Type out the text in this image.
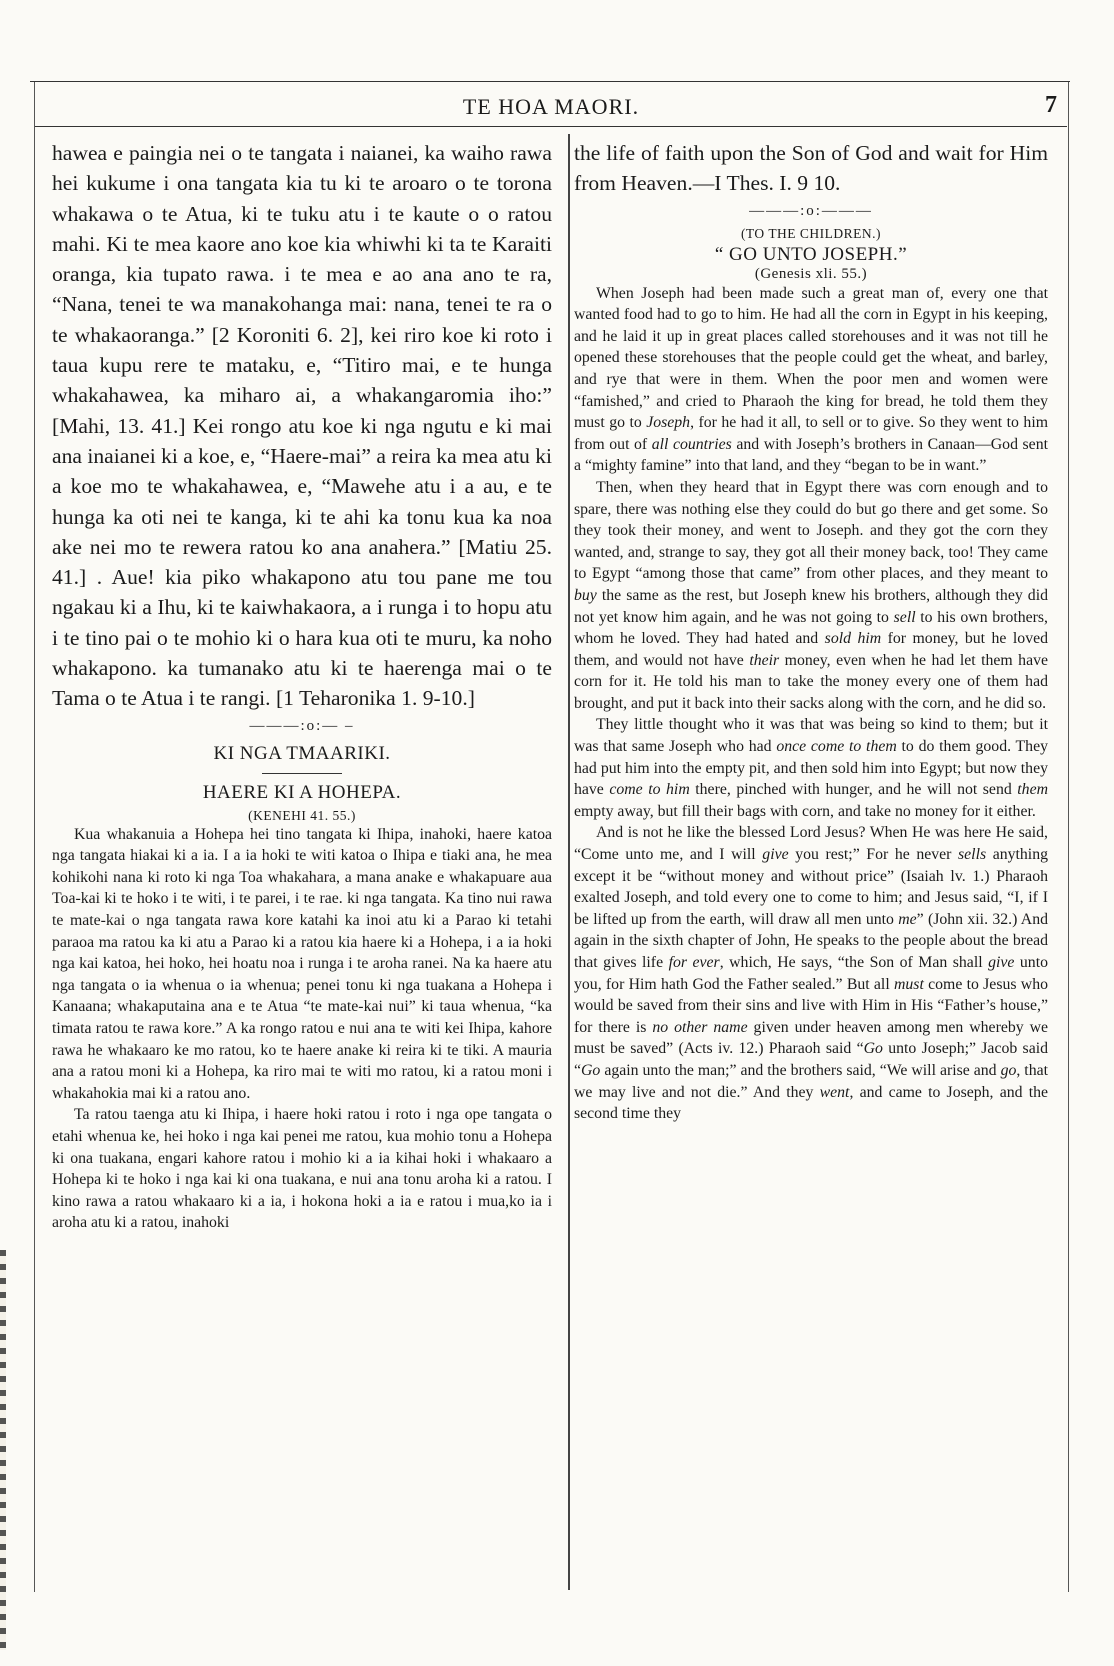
TE HOA MAORI.	7

hawea e paingia nei o te tangata i naianei, ka waiho rawa hei kukume i ona tangata kia tu ki te aroaro o te torona whakawa o te Atua, ki te tuku atu i te kaute o o ratou mahi. Ki te mea kaore ano koe kia whiwhi ki ta te Karaiti oranga, kia tupato rawa. i te mea e ao ana ano te ra, “Nana, tenei te wa manakohanga mai: nana, tenei te ra o te whakaoranga.” [2 Koroniti 6. 2], kei riro koe ki roto i taua kupu rere te mataku, e, “Titiro mai, e te hunga whakahawea, ka miharo ai, a whakangaromia iho:” [Mahi, 13. 41.] Kei rongo atu koe ki nga ngutu e ki mai ana inaianei ki a koe, e, “Haere-mai” a reira ka mea atu ki a koe mo te whakahawea, e, “Mawehe atu i a au, e te hunga ka oti nei te kanga, ki te ahi ka tonu kua ka noa ake nei mo te rewera ratou ko ana anahera.” [Matiu 25. 41.] . Aue! kia piko whakapono atu tou pane me tou ngakau ki a Ihu, ki te kaiwhakaora, a i runga i to hopu atu i te tino pai o te mohio ki o hara kua oti te muru, ka noho whakapono. ka tumanako atu ki te haerenga mai o te Tama o te Atua i te rangi. [1 Teharonika 1. 9-10.]

———:o:— –
KI NGA TMAARIKI.
HAERE KI A HOHEPA.
(KENEHI 41. 55.)

Kua whakanuia a Hohepa hei tino tangata ki Ihipa, inahoki, haere katoa nga tangata hiakai ki a ia. I a ia hoki te witi katoa o Ihipa e tiaki ana, he mea kohikohi nana ki roto ki nga Toa whakahara, a mana anake e whakapuare aua Toa-kai ki te hoko i te witi, i te parei, i te rae. ki nga tangata. Ka tino nui rawa te mate-kai o nga tangata rawa kore katahi ka inoi atu ki a Parao ki tetahi paraoa ma ratou ka ki atu a Parao ki a ratou kia haere ki a Hohepa, i a ia hoki nga kai katoa, hei hoko, hei hoatu noa i runga i te aroha ranei. Na ka haere atu nga tangata o ia whenua o ia whenua; penei tonu ki nga tuakana a Hohepa i Kanaana; whakaputaina ana e te Atua “te mate-kai nui” ki taua whenua, “ka timata ratou te rawa kore.” A ka rongo ratou e nui ana te witi kei Ihipa, kahore rawa he whakaaro ke mo ratou, ko te haere anake ki reira ki te tiki. A mauria ana a ratou moni ki a Hohepa, ka riro mai te witi mo ratou, ki a ratou moni i whakahokia mai ki a ratou ano.

Ta ratou taenga atu ki Ihipa, i haere hoki ratou i roto i nga ope tangata o etahi whenua ke, hei hoko i nga kai penei me ratou, kua mohio tonu a Hohepa ki ona tuakana, engari kahore ratou i mohio ki a ia kihai hoki i whakaaro a Hohepa ki te hoko i nga kai ki ona tuakana, e nui ana tonu aroha ki a ratou. I kino rawa a ratou whakaaro ki a ia, i hokona hoki a ia e ratou i mua,ko ia i aroha atu ki a ratou, inahoki

the life of faith upon the Son of God and wait for Him from Heaven.—I Thes. I. 9 10.

———:o:———
(TO THE CHILDREN.)
“ GO UNTO JOSEPH.”
(Genesis xli. 55.)

When Joseph had been made such a great man of, every one that wanted food had to go to him. He had all the corn in Egypt in his keeping, and he laid it up in great places called storehouses and it was not till he opened these storehouses that the people could get the wheat, and barley, and rye that were in them. When the poor men and women were “famished,” and cried to Pharaoh the king for bread, he told them they must go to Joseph, for he had it all, to sell or to give. So they went to him from out of all countries and with Joseph’s brothers in Canaan—God sent a “mighty famine” into that land, and they “began to be in want.”

Then, when they heard that in Egypt there was corn enough and to spare, there was nothing else they could do but go there and get some. So they took their money, and went to Joseph. and they got the corn they wanted, and, strange to say, they got all their money back, too! They came to Egypt “among those that came” from other places, and they meant to buy the same as the rest, but Joseph knew his brothers, although they did not yet know him again, and he was not going to sell to his own brothers, whom he loved. They had hated and sold him for money, but he loved them, and would not have their money, even when he had let them have corn for it. He told his man to take the money every one of them had brought, and put it back into their sacks along with the corn, and he did so.

They little thought who it was that was being so kind to them; but it was that same Joseph who had once come to them to do them good. They had put him into the empty pit, and then sold him into Egypt; but now they have come to him there, pinched with hunger, and he will not send them empty away, but fill their bags with corn, and take no money for it either.

And is not he like the blessed Lord Jesus? When He was here He said, “Come unto me, and I will give you rest;” For he never sells anything except it be “without money and without price” (Isaiah lv. 1.) Pharaoh exalted Joseph, and told every one to come to him; and Jesus said, “I, if I be lifted up from the earth, will draw all men unto me” (John xii. 32.) And again in the sixth chapter of John, He speaks to the people about the bread that gives life for ever, which, He says, “the Son of Man shall give unto you, for Him hath God the Father sealed.” But all must come to Jesus who would be saved from their sins and live with Him in His “Father’s house,” for there is no other name given under heaven among men whereby we must be saved” (Acts iv. 12.) Pharaoh said “Go unto Joseph;” Jacob said “Go again unto the man;” and the brothers said, “We will arise and go, that we may live and not die.” And they went, and came to Joseph, and the second time they
